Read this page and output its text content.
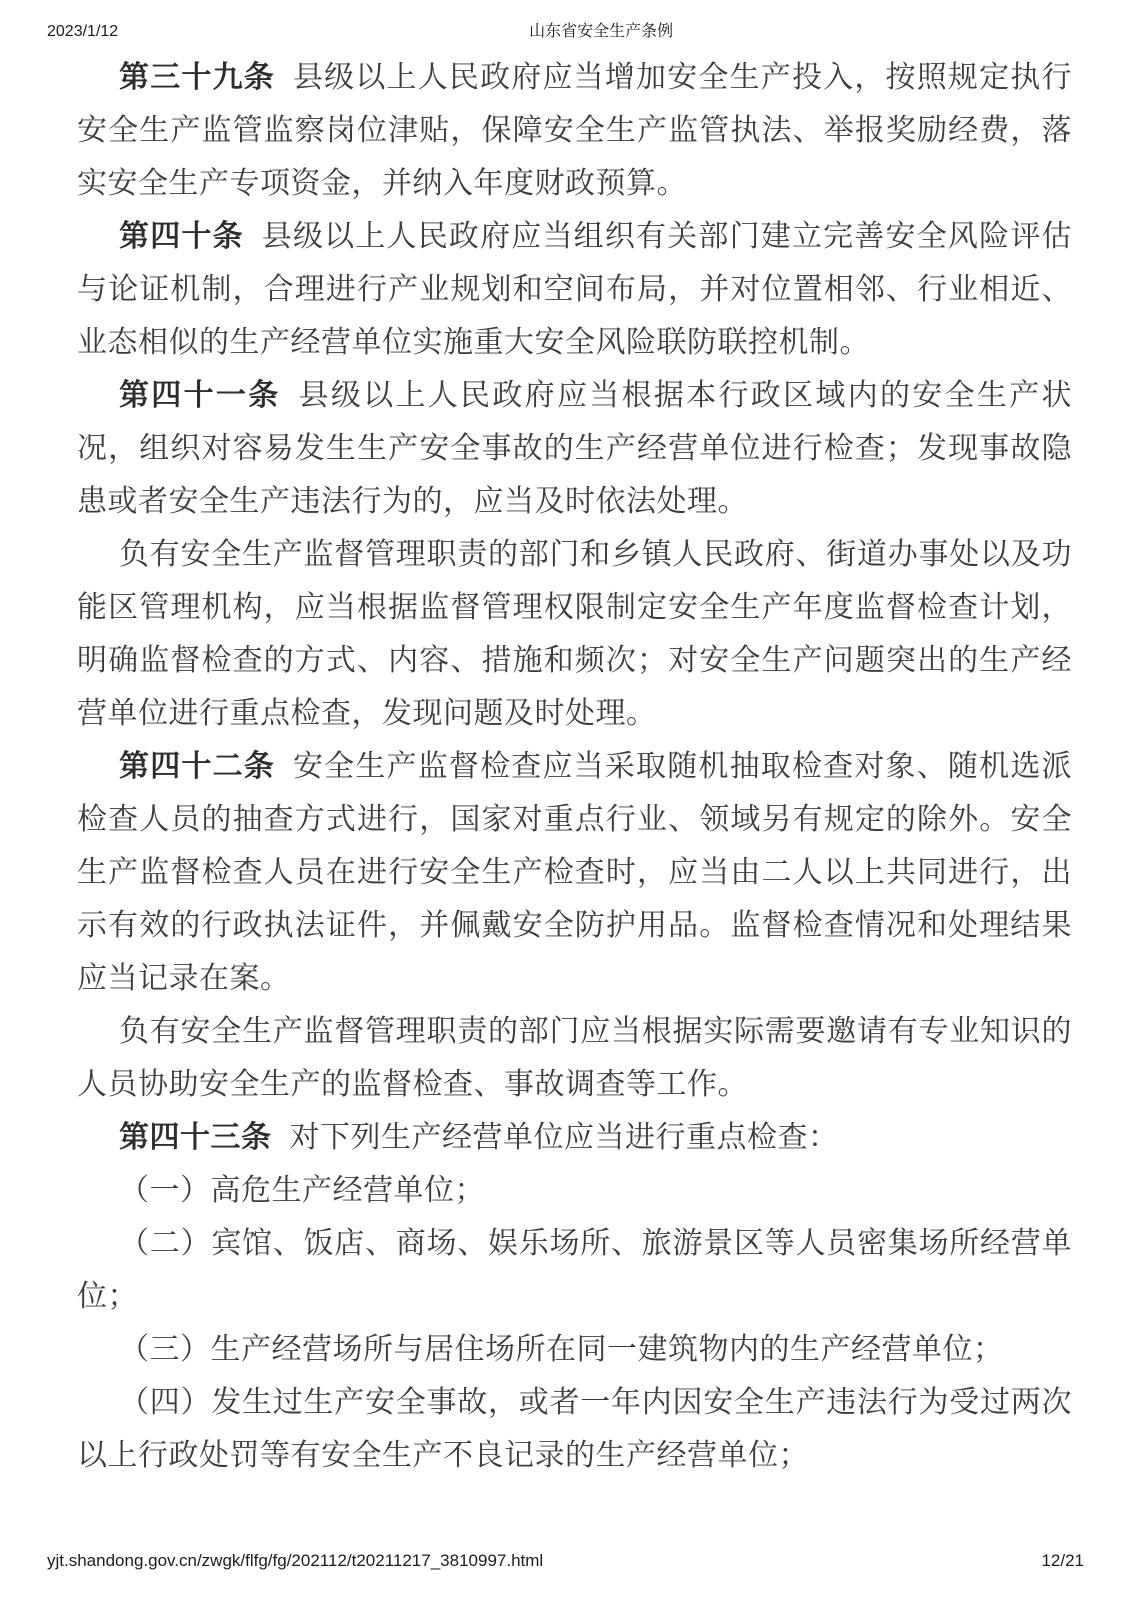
2023/1/12	山东省安全生产条例
第三十九条 县级以上人民政府应当增加安全生产投入，按照规定执行
安全生产监管监察岗位津贴，保障安全生产监管执法、举报奖励经费，落
实安全生产专项资金，并纳入年度财政预算。
第四十条 县级以上人民政府应当组织有关部门建立完善安全风险评估
与论证机制，合理进行产业规划和空间布局，并对位置相邻、行业相近、
业态相似的生产经营单位实施重大安全风险联防联控机制。
第四十一条 县级以上人民政府应当根据本行政区域内的安全生产状
况，组织对容易发生生产安全事故的生产经营单位进行检查；发现事故隐
患或者安全生产违法行为的，应当及时依法处理。
负有安全生产监督管理职责的部门和乡镇人民政府、街道办事处以及功
能区管理机构，应当根据监督管理权限制定安全生产年度监督检查计划，
明确监督检查的方式、内容、措施和频次；对安全生产问题突出的生产经
营单位进行重点检查，发现问题及时处理。
第四十二条 安全生产监督检查应当采取随机抽取检查对象、随机选派
检查人员的抽查方式进行，国家对重点行业、领域另有规定的除外。安全
生产监督检查人员在进行安全生产检查时，应当由二人以上共同进行，出
示有效的行政执法证件，并佩戴安全防护用品。监督检查情况和处理结果
应当记录在案。
负有安全生产监督管理职责的部门应当根据实际需要邀请有专业知识的
人员协助安全生产的监督检查、事故调查等工作。
第四十三条 对下列生产经营单位应当进行重点检查：
（一）高危生产经营单位；
（二）宾馆、饭店、商场、娱乐场所、旅游景区等人员密集场所经营单
位；
（三）生产经营场所与居住场所在同一建筑物内的生产经营单位；
（四）发生过生产安全事故，或者一年内因安全生产违法行为受过两次
以上行政处罚等有安全生产不良记录的生产经营单位；
yjt.shandong.gov.cn/zwgk/flfg/fg/202112/t20211217_3810997.html	12/21
